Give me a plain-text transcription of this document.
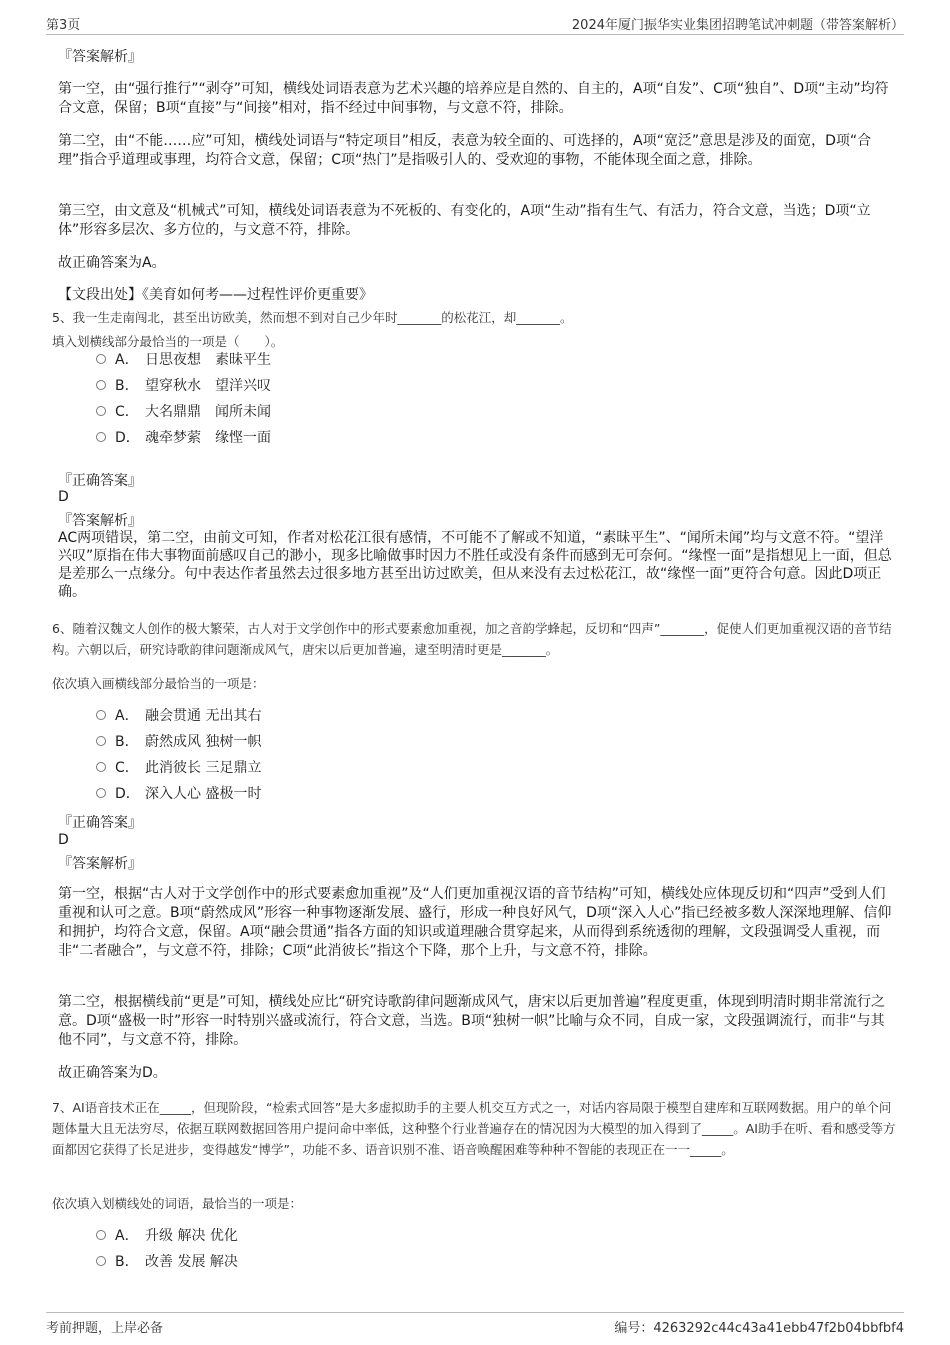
第3页	2024年厦门振华实业集团招聘笔试冲刺题（带答案解析）
『答案解析』
第一空，由“强行推行”“剥夺”可知，横线处词语表意为艺术兴趣的培养应是自然的、自主的，A项“自发”、C项“独自”、D项“主动”均符合文意，保留；B项“直接”与“间接”相对，指不经过中间事物，与文意不符，排除。
第二空，由“不能……应”可知，横线处词语与“特定项目”相反，表意为较全面的、可选择的，A项“宽泛”意思是涉及的面宽，D项“合理”指合乎道理或事理，均符合文意，保留；C项“热门”是指吸引人的、受欢迎的事物，不能体现全面之意，排除。
第三空，由文意及“机械式”可知，横线处词语表意为不死板的、有变化的，A项“生动”指有生气、有活力，符合文意，当选；D项“立体”形容多层次、多方位的，与文意不符，排除。
故正确答案为A。
【文段出处】《美育如何考——过程性评价更重要》
5、我一生走南闯北，甚至出访欧美，然而想不到对自己少年时_______的松花江，却_______。
填入划横线部分最恰当的一项是（　　）。
A． 日思夜想　素昧平生
B． 望穿秋水　望洋兴叹
C． 大名鼎鼎　闻所未闻
D． 魂牵梦萦　缘悭一面
『正确答案』
D
『答案解析』
AC两项错误，第二空，由前文可知，作者对松花江很有感情，不可能不了解或不知道，“素昧平生”、“闻所未闻”均与文意不符。“望洋兴叹”原指在伟大事物面前感叹自己的渺小，现多比喻做事时因力不胜任或没有条件而感到无可奈何。“缘悭一面”是指想见上一面，但总是差那么一点缘分。句中表达作者虽然去过很多地方甚至出访过欧美，但从来没有去过松花江，故“缘悭一面”更符合句意。因此D项正确。
6、随着汉魏文人创作的极大繁荣，古人对于文学创作中的形式要素愈加重视，加之音韵学蜂起，反切和“四声”_______，促使人们更加重视汉语的音节结构。六朝以后，研究诗歌韵律问题渐成风气，唐宋以后更加普遍，逮至明清时更是_______。
依次填入画横线部分最恰当的一项是：
A． 融会贯通 无出其右
B． 蔚然成风 独树一帜
C． 此消彼长 三足鼎立
D． 深入人心 盛极一时
『正确答案』
D
『答案解析』
第一空，根据“古人对于文学创作中的形式要素愈加重视”及“人们更加重视汉语的音节结构”可知，横线处应体现反切和“四声”受到人们重视和认可之意。B项“蔚然成风”形容一种事物逐渐发展、盛行，形成一种良好风气，D项“深入人心”指已经被多数人深深地理解、信仰和拥护，均符合文意，保留。A项“融会贯通”指各方面的知识或道理融合贯穿起来，从而得到系统透彻的理解，文段强调受人重视，而非“二者融合”，与文意不符，排除；C项“此消彼长”指这个下降，那个上升，与文意不符，排除。
第二空，根据横线前“更是”可知，横线处应比“研究诗歌韵律问题渐成风气，唐宋以后更加普遍”程度更重，体现到明清时期非常流行之意。D项“盛极一时”形容一时特别兴盛或流行，符合文意，当选。B项“独树一帜”比喻与众不同，自成一家，文段强调流行，而非“与其他不同”，与文意不符，排除。
故正确答案为D。
7、AI语音技术正在_____，但现阶段，“检索式回答”是大多虚拟助手的主要人机交互方式之一，对话内容局限于模型自建库和互联网数据。用户的单个问题体量大且无法穷尽，依据互联网数据回答用户提问命中率低，这种整个行业普遍存在的情况因为大模型的加入得到了_____。AI助手在听、看和感受等方面都因它获得了长足进步，变得越发“博学”，功能不多、语音识别不准、语音唤醒困难等种种不智能的表现正在一一_____。
依次填入划横线处的词语，最恰当的一项是：
A． 升级 解决 优化
B． 改善 发展 解决
考前押题，上岸必备	编号：4263292c44c43a41ebb47f2b04bbfbf4
